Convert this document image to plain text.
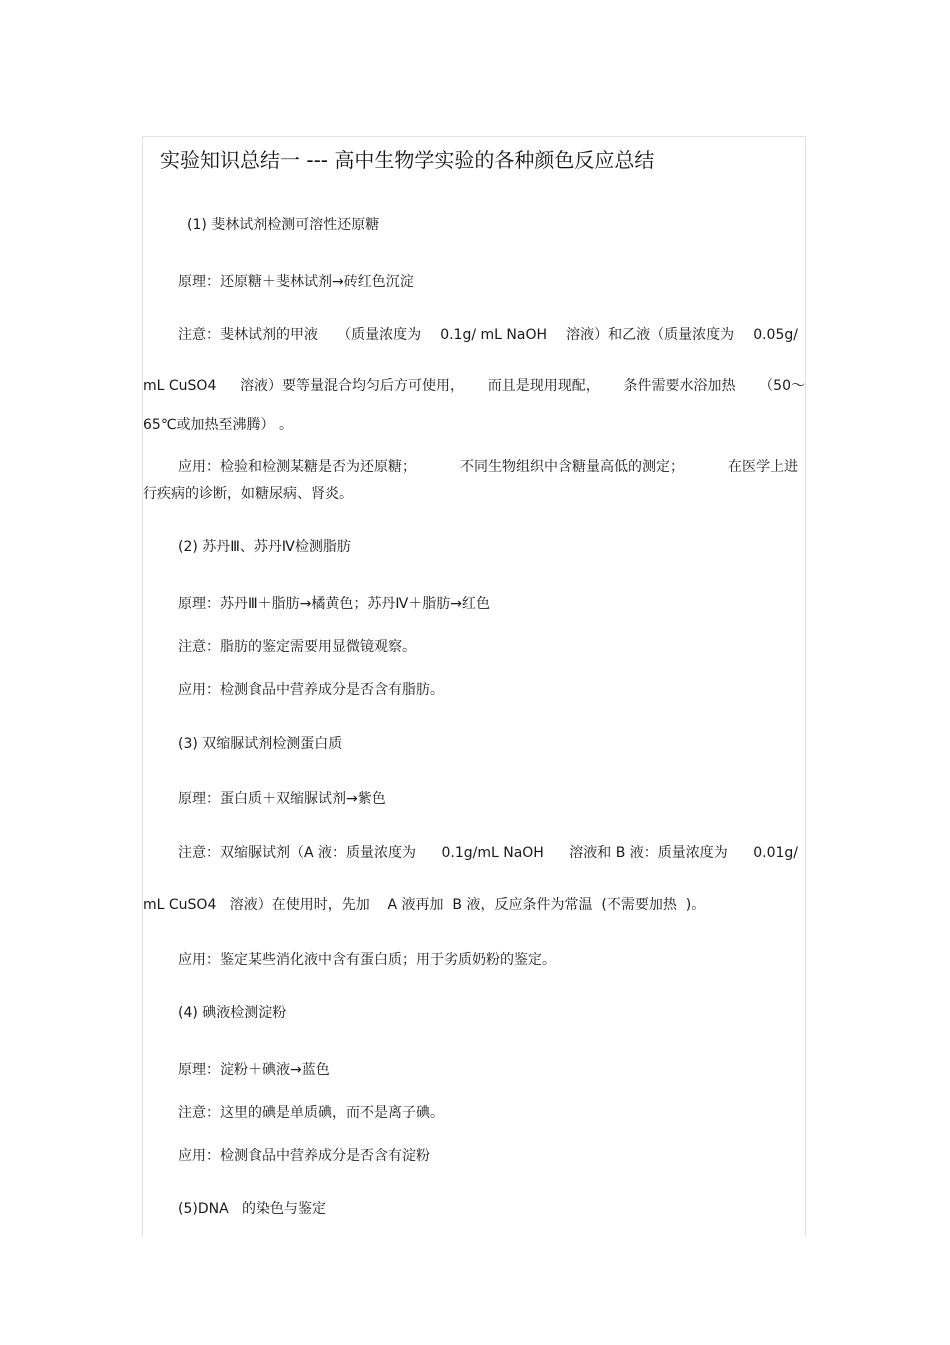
实验知识总结一 --- 高中生物学实验的各种颜色反应总结
(1) 斐林试剂检测可溶性还原糖
原理：还原糖＋斐林试剂→砖红色沉淀
注意：斐林试剂的甲液 （质量浓度为 0.1g/ mL NaOH 溶液）和乙液（质量浓度为 0.05g/
mL CuSO4 溶液）要等量混合均匀后方可使用， 而且是现用现配， 条件需要水浴加热 （50～
65℃或加热至沸腾） 。
应用：检验和检测某糖是否为还原糖；	不同生物组织中含糖量高低的测定；	在医学上进
行疾病的诊断，如糖尿病、肾炎。
(2) 苏丹Ⅲ、苏丹Ⅳ检测脂肪
原理：苏丹Ⅲ＋脂肪→橘黄色；苏丹Ⅳ＋脂肪→红色
注意：脂肪的鉴定需要用显微镜观察。
应用：检测食品中营养成分是否含有脂肪。
(3) 双缩脲试剂检测蛋白质
原理：蛋白质＋双缩脲试剂→紫色
注意：双缩脲试剂（A 液：质量浓度为 0.1g/mL NaOH 溶液和 B 液：质量浓度为 0.01g/
mL CuSO4   溶液）在使用时，先加    A 液再加  B 液，反应条件为常温  (不需要加热  )。
应用：鉴定某些消化液中含有蛋白质；用于劣质奶粉的鉴定。
(4) 碘液检测淀粉
原理：淀粉＋碘液→蓝色
注意：这里的碘是单质碘，而不是离子碘。
应用：检测食品中营养成分是否含有淀粉
(5)DNA   的染色与鉴定
